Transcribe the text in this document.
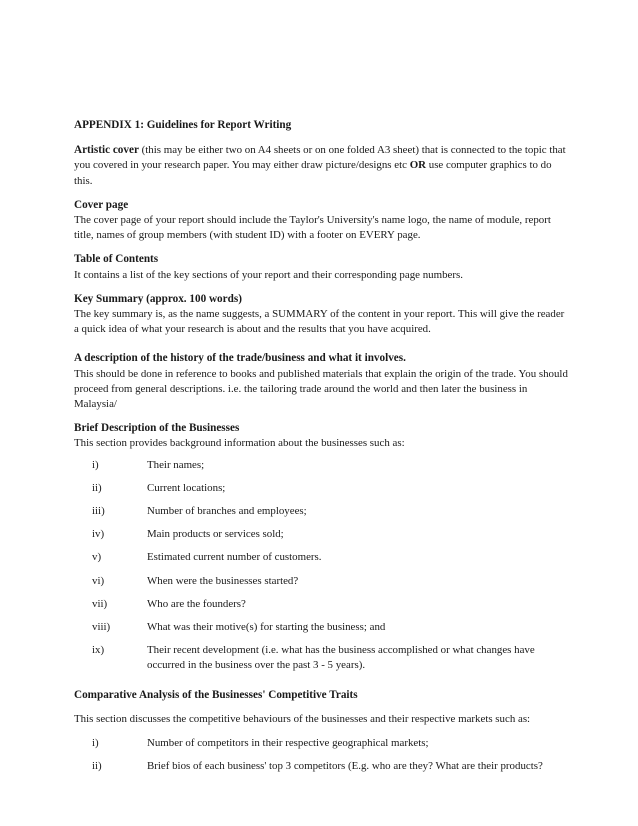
APPENDIX 1: Guidelines for Report Writing

Artistic cover (this may be either two on A4 sheets or on one folded A3 sheet) that is connected to the topic that you covered in your research paper. You may either draw picture/designs etc OR use computer graphics to do this.

Cover page

The cover page of your report should include the Taylor's University's name logo, the name of module, report title, names of group members (with student ID) with a footer on EVERY page.

Table of Contents

It contains a list of the key sections of your report and their corresponding page numbers.

Key Summary (approx. 100 words)

The key summary is, as the name suggests, a SUMMARY of the content in your report. This will give the reader a quick idea of what your research is about and the results that you have acquired.

A description of the history of the trade/business and what it involves.

This should be done in reference to books and published materials that explain the origin of the trade. You should proceed from general descriptions. i.e. the tailoring trade around the world and then later the business in Malaysia/

Brief Description of the Businesses

This section provides background information about the businesses such as:

i)	Their names;
ii)	Current locations;
iii)	Number of branches and employees;
iv)	Main products or services sold;
v)	Estimated current number of customers.
vi)	When were the businesses started?
vii)	Who are the founders?
viii)	What was their motive(s) for starting the business; and
ix)	Their recent development (i.e. what has the business accomplished or what changes have occurred in the business over the past 3 - 5 years).
Comparative Analysis of the Businesses' Competitive Traits

This section discusses the competitive behaviours of the businesses and their respective markets such as:

i)	Number of competitors in their respective geographical markets;
ii)	Brief bios of each business' top 3 competitors (E.g. who are they? What are their products?
